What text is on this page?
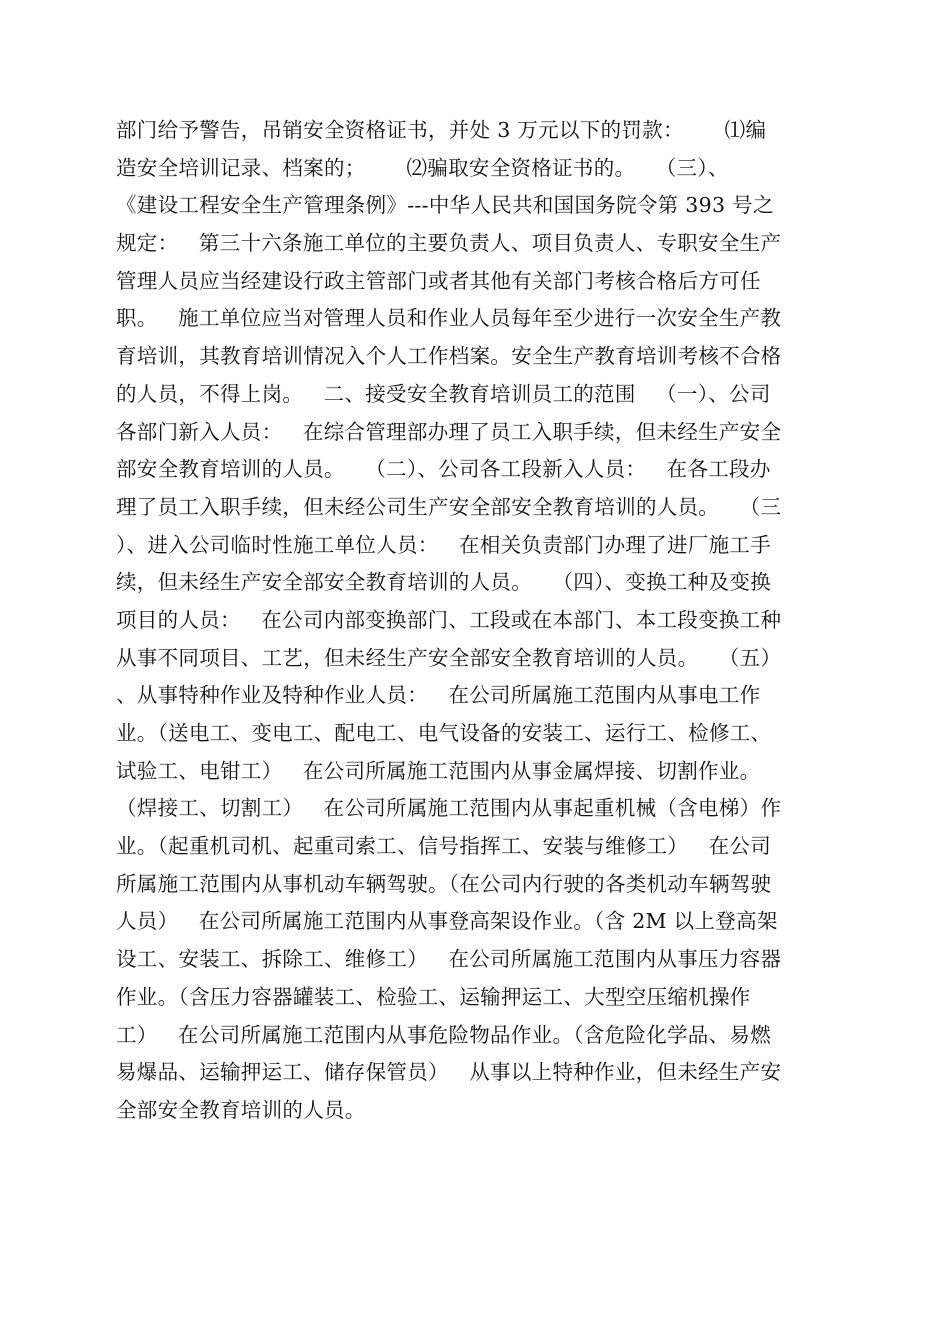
部门给予警告，吊销安全资格证书，并处 3 万元以下的罚款：      ⑴编
造安全培训记录、档案的；      ⑵骗取安全资格证书的。   （三）、
《建设工程安全生产管理条例》---中华人民共和国国务院令第 393 号之
规定：   第三十六条施工单位的主要负责人、项目负责人、专职安全生产
管理人员应当经建设行政主管部门或者其他有关部门考核合格后方可任
职。   施工单位应当对管理人员和作业人员每年至少进行一次安全生产教
育培训，其教育培训情况入个人工作档案。安全生产教育培训考核不合格
的人员，不得上岗。   二、接受安全教育培训员工的范围   （一）、公司
各部门新入人员：   在综合管理部办理了员工入职手续，但未经生产安全
部安全教育培训的人员。   （二）、公司各工段新入人员：   在各工段办
理了员工入职手续，但未经公司生产安全部安全教育培训的人员。   （三
）、进入公司临时性施工单位人员：   在相关负责部门办理了进厂施工手
续，但未经生产安全部安全教育培训的人员。   （四）、变换工种及变换
项目的人员：   在公司内部变换部门、工段或在本部门、本工段变换工种
从事不同项目、工艺，但未经生产安全部安全教育培训的人员。   （五）
、从事特种作业及特种作业人员：   在公司所属施工范围内从事电工作
业。（送电工、变电工、配电工、电气设备的安装工、运行工、检修工、
试验工、电钳工）   在公司所属施工范围内从事金属焊接、切割作业。
（焊接工、切割工）   在公司所属施工范围内从事起重机械（含电梯）作
业。（起重机司机、起重司索工、信号指挥工、安装与维修工）   在公司
所属施工范围内从事机动车辆驾驶。（在公司内行驶的各类机动车辆驾驶
人员）   在公司所属施工范围内从事登高架设作业。（含 2M 以上登高架
设工、安装工、拆除工、维修工）   在公司所属施工范围内从事压力容器
作业。（含压力容器罐装工、检验工、运输押运工、大型空压缩机操作
工）   在公司所属施工范围内从事危险物品作业。（含危险化学品、易燃
易爆品、运输押运工、储存保管员）   从事以上特种作业，但未经生产安
全部安全教育培训的人员。
